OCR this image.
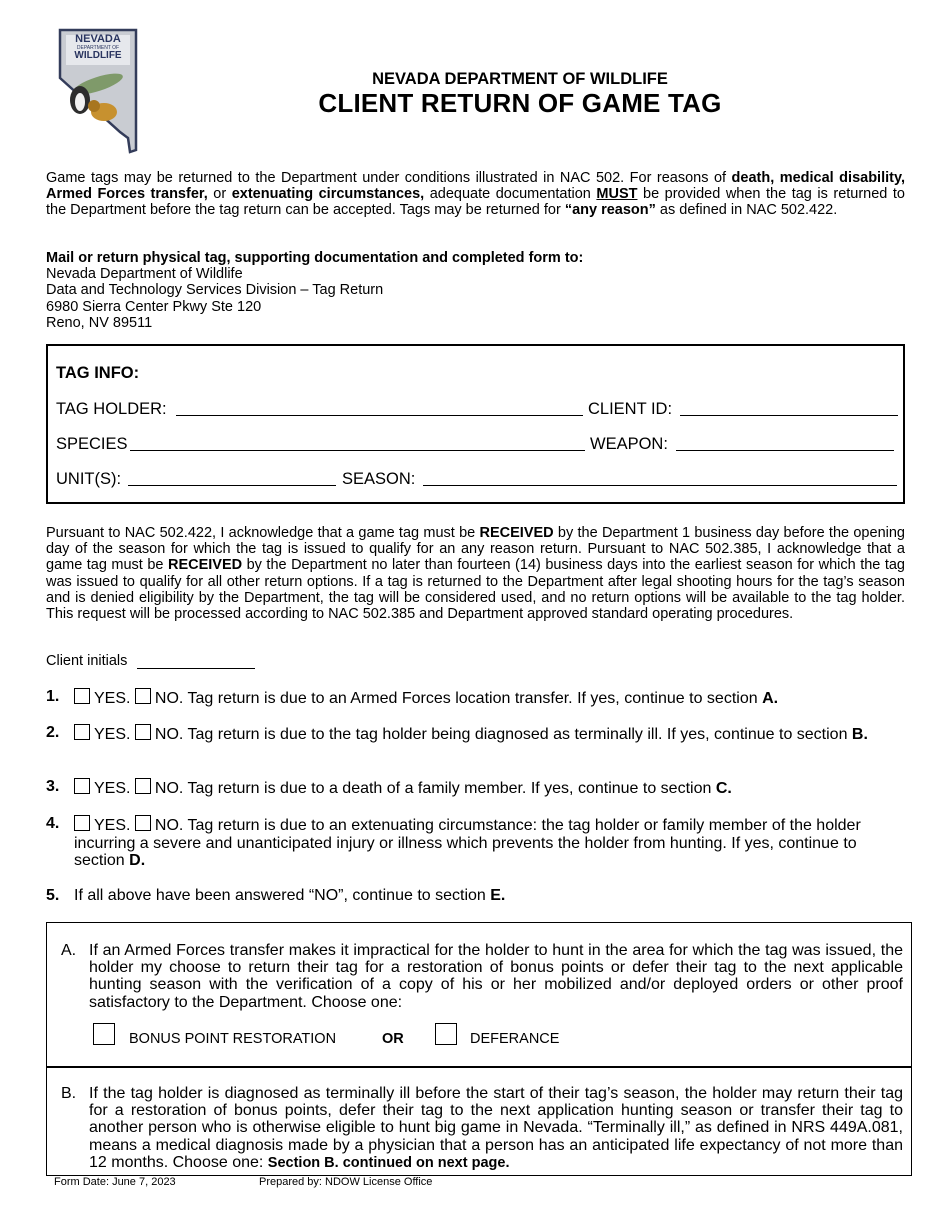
NEVADA
DEPARTMENT OF
WILDLIFE
NEVADA DEPARTMENT OF WILDLIFE
CLIENT RETURN OF GAME TAG
Game tags may be returned to the Department under conditions illustrated in NAC 502. For reasons of death, medical disability, Armed Forces transfer, or extenuating circumstances, adequate documentation MUST be provided when the tag is returned to the Department before the tag return can be accepted. Tags may be returned for “any reason” as defined in NAC 502.422.
Mail or return physical tag, supporting documentation and completed form to:
Nevada Department of Wildlife
Data and Technology Services Division – Tag Return
6980 Sierra Center Pkwy Ste 120
Reno, NV 89511
TAG INFO:
TAG HOLDER:	CLIENT ID:
SPECIES	WEAPON:
UNIT(S):	SEASON:
Pursuant to NAC 502.422, I acknowledge that a game tag must be RECEIVED by the Department 1 business day before the opening day of the season for which the tag is issued to qualify for an any reason return. Pursuant to NAC 502.385, I acknowledge that a game tag must be RECEIVED by the Department no later than fourteen (14) business days into the earliest season for which the tag was issued to qualify for all other return options. If a tag is returned to the Department after legal shooting hours for the tag’s season and is denied eligibility by the Department, the tag will be considered used, and no return options will be available to the tag holder. This request will be processed according to NAC 502.385 and Department approved standard operating procedures.
Client initials
1.	YES. NO. Tag return is due to an Armed Forces location transfer. If yes, continue to section A.
2.	YES. NO. Tag return is due to the tag holder being diagnosed as terminally ill. If yes, continue to section B.
3.	YES. NO. Tag return is due to a death of a family member. If yes, continue to section C.
4.	YES. NO. Tag return is due to an extenuating circumstance: the tag holder or family member of the holder incurring a severe and unanticipated injury or illness which prevents the holder from hunting. If yes, continue to section D.
5. If all above have been answered “NO”, continue to section E.
A. If an Armed Forces transfer makes it impractical for the holder to hunt in the area for which the tag was issued, the holder my choose to return their tag for a restoration of bonus points or defer their tag to the next applicable hunting season with the verification of a copy of his or her mobilized and/or deployed orders or other proof satisfactory to the Department. Choose one:
BONUS POINT RESTORATION	OR	DEFERANCE
B. If the tag holder is diagnosed as terminally ill before the start of their tag’s season, the holder may return their tag for a restoration of bonus points, defer their tag to the next application hunting season or transfer their tag to another person who is otherwise eligible to hunt big game in Nevada. “Terminally ill,” as defined in NRS 449A.081, means a medical diagnosis made by a physician that a person has an anticipated life expectancy of not more than 12 months. Choose one: Section B. continued on next page.
Form Date: June 7, 2023	Prepared by: NDOW License Office
